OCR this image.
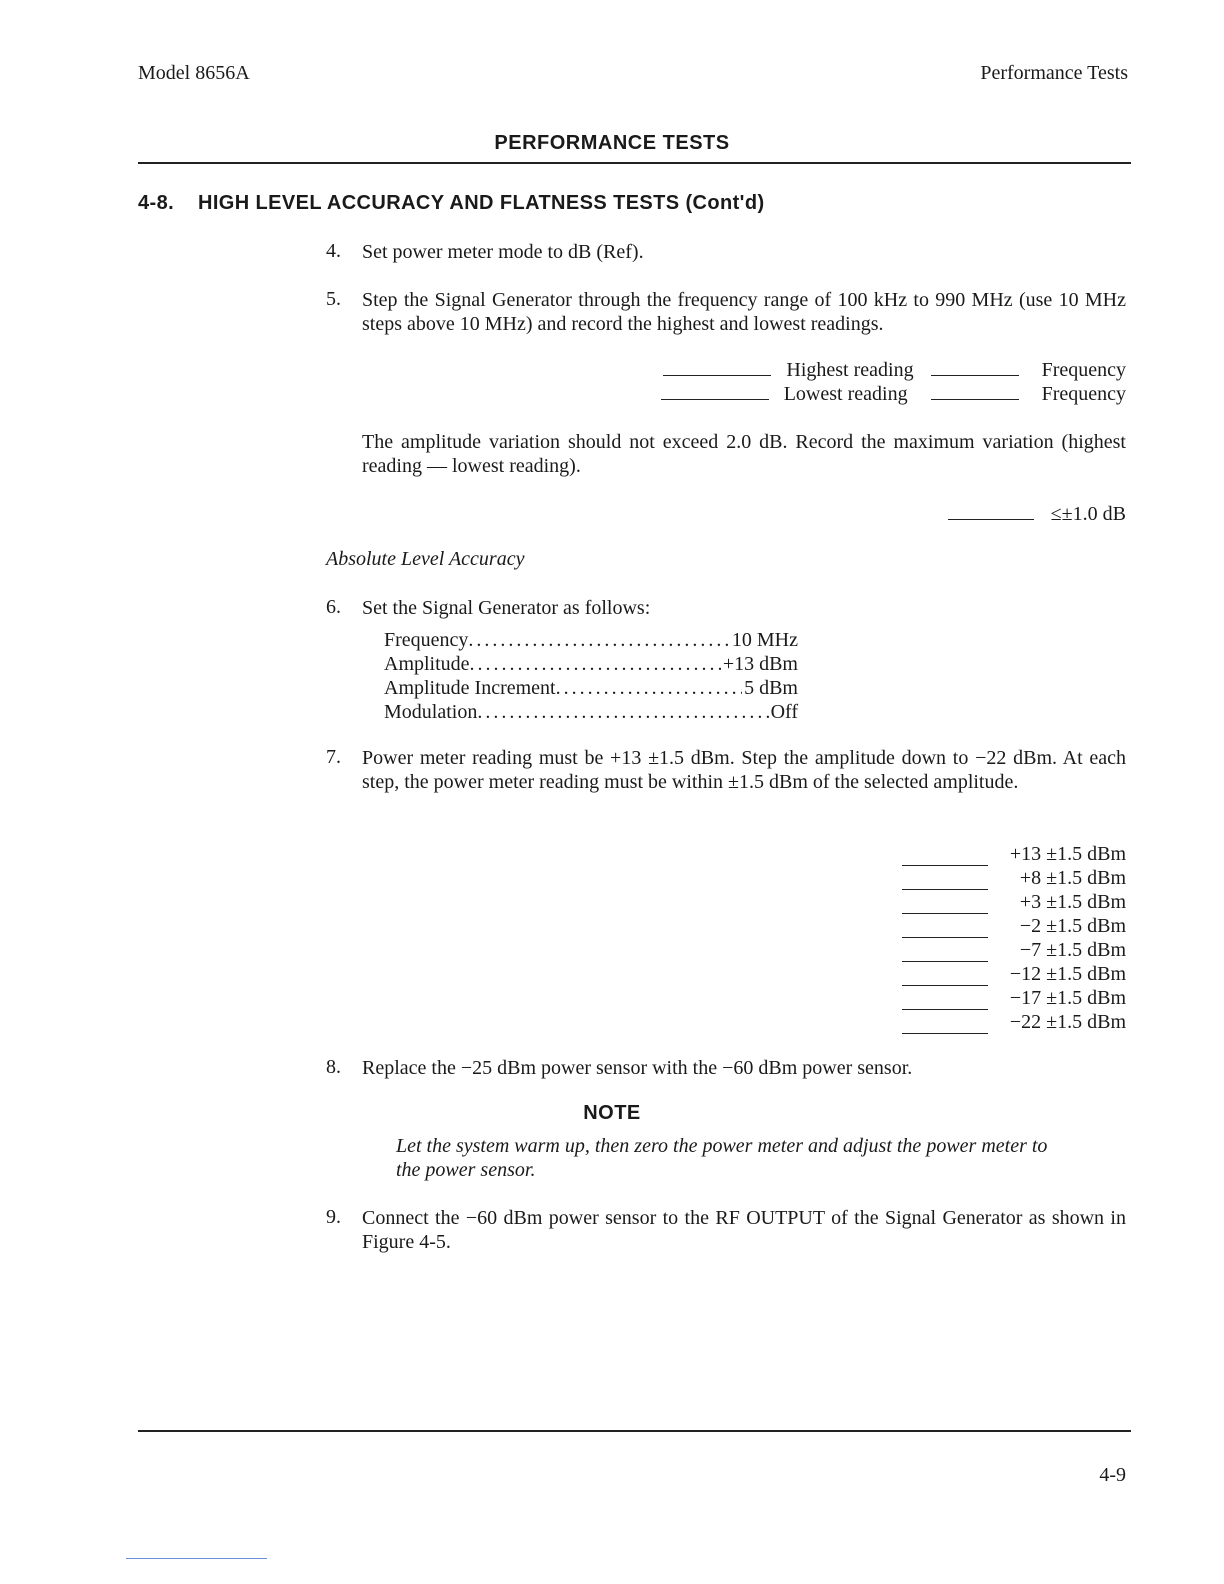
Model 8656A	Performance Tests
PERFORMANCE TESTS
4-8. HIGH LEVEL ACCURACY AND FLATNESS TESTS (Cont'd)
4. Set power meter mode to dB (Ref).
5. Step the Signal Generator through the frequency range of 100 kHz to 990 MHz (use 10 MHz steps above 10 MHz) and record the highest and lowest readings.
Highest reading	Frequency
Lowest reading	Frequency
The amplitude variation should not exceed 2.0 dB. Record the maximum variation (highest reading — lowest reading).
≤±1.0 dB
Absolute Level Accuracy
6. Set the Signal Generator as follows:
Frequency .....	10 MHz
Amplitude .....	+13 dBm
Amplitude Increment .....	5 dBm
Modulation .....	Off
7. Power meter reading must be +13 ±1.5 dBm. Step the amplitude down to −22 dBm. At each step, the power meter reading must be within ±1.5 dBm of the selected amplitude.
+13 ±1.5 dBm
+8 ±1.5 dBm
+3 ±1.5 dBm
−2 ±1.5 dBm
−7 ±1.5 dBm
−12 ±1.5 dBm
−17 ±1.5 dBm
−22 ±1.5 dBm
8. Replace the −25 dBm power sensor with the −60 dBm power sensor.
NOTE
Let the system warm up, then zero the power meter and adjust the power meter to the power sensor.
9. Connect the −60 dBm power sensor to the RF OUTPUT of the Signal Generator as shown in Figure 4-5.
4-9
